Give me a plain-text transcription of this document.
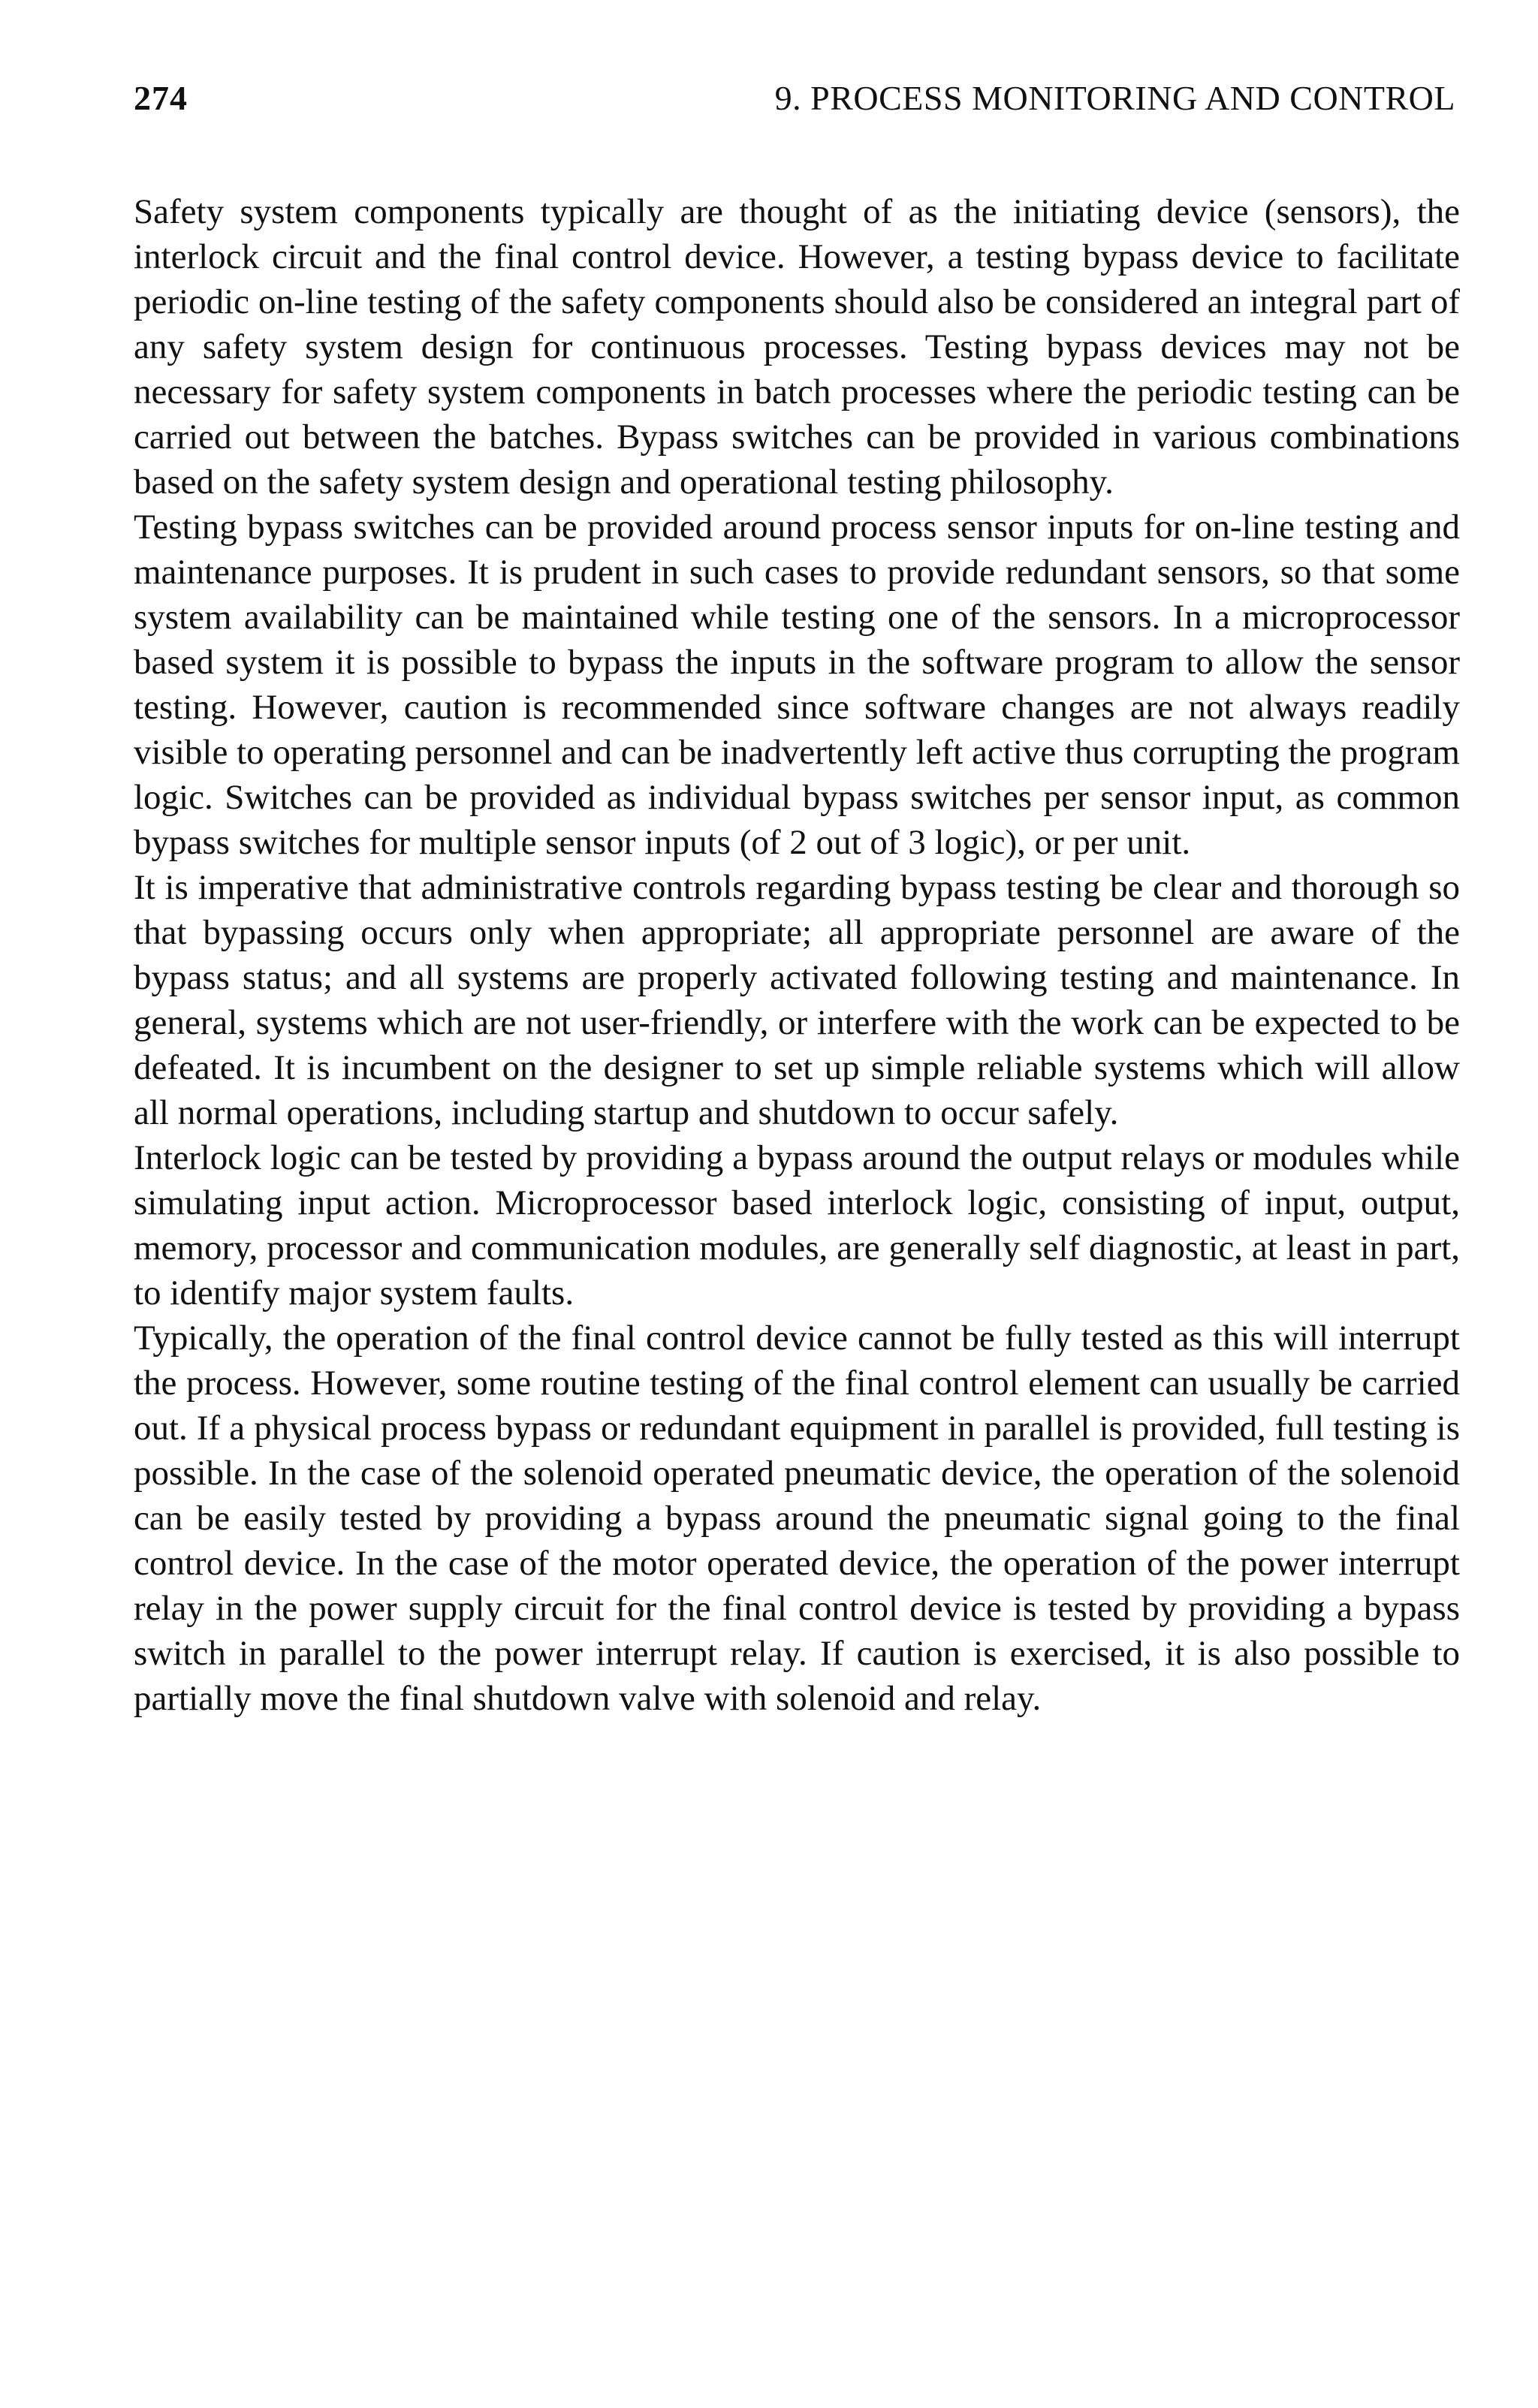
274	9. PROCESS MONITORING AND CONTROL

Safety system components typically are thought of as the initiating device (sensors), the interlock circuit and the final control device. However, a testing bypass device to facilitate periodic on-line testing of the safety components should also be considered an integral part of any safety system design for continuous processes. Testing bypass devices may not be necessary for safety system components in batch processes where the periodic testing can be carried out between the batches. Bypass switches can be provided in various combinations based on the safety system design and operational testing philosophy.

Testing bypass switches can be provided around process sensor inputs for on-line testing and maintenance purposes. It is prudent in such cases to provide redundant sensors, so that some system availability can be maintained while testing one of the sensors. In a microprocessor based system it is possible to bypass the inputs in the software program to allow the sensor testing. However, caution is recommended since software changes are not always readily visible to operating personnel and can be inadvertently left active thus corrupting the program logic. Switches can be provided as individual bypass switches per sensor input, as common bypass switches for multiple sensor inputs (of 2 out of 3 logic), or per unit.

It is imperative that administrative controls regarding bypass testing be clear and thorough so that bypassing occurs only when appropriate; all appropriate personnel are aware of the bypass status; and all systems are properly activated following testing and maintenance. In general, systems which are not user-friendly, or interfere with the work can be expected to be defeated. It is incumbent on the designer to set up simple reliable systems which will allow all normal operations, including startup and shutdown to occur safely.

Interlock logic can be tested by providing a bypass around the output relays or modules while simulating input action. Microprocessor based interlock logic, consisting of input, output, memory, processor and communication modules, are generally self diagnostic, at least in part, to identify major system faults.

Typically, the operation of the final control device cannot be fully tested as this will interrupt the process. However, some routine testing of the final control element can usually be carried out. If a physical process bypass or redundant equipment in parallel is provided, full testing is possible. In the case of the solenoid operated pneumatic device, the operation of the solenoid can be easily tested by providing a bypass around the pneumatic signal going to the final control device. In the case of the motor operated device, the operation of the power interrupt relay in the power supply circuit for the final control device is tested by providing a bypass switch in parallel to the power interrupt relay. If caution is exercised, it is also possible to partially move the final shutdown valve with solenoid and relay.
